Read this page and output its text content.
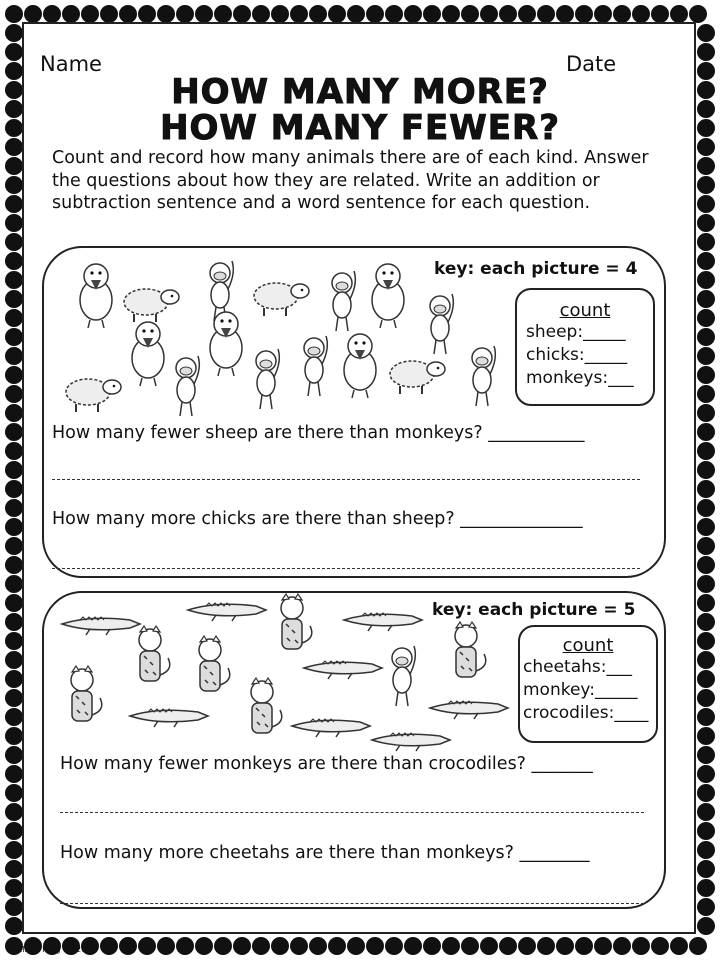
Name	Date
HOW MANY MORE?
HOW MANY FEWER?
Count and record how many animals there are of each kind. Answer the questions about how they are related. Write an addition or subtraction sentence and a word sentence for each question.
key: each picture = 4
count
sheep:_____
chicks:_____
monkeys:___
How many fewer sheep are there than monkeys? ___________
How many more chicks are there than sheep? ______________
key: each picture = 5
count
cheetahs:___
monkey:_____
crocodiles:____
How many fewer monkeys are there than crocodiles? _______
How many more cheetahs are there than monkeys? ________
©Hillary Iffrig 10/2015
